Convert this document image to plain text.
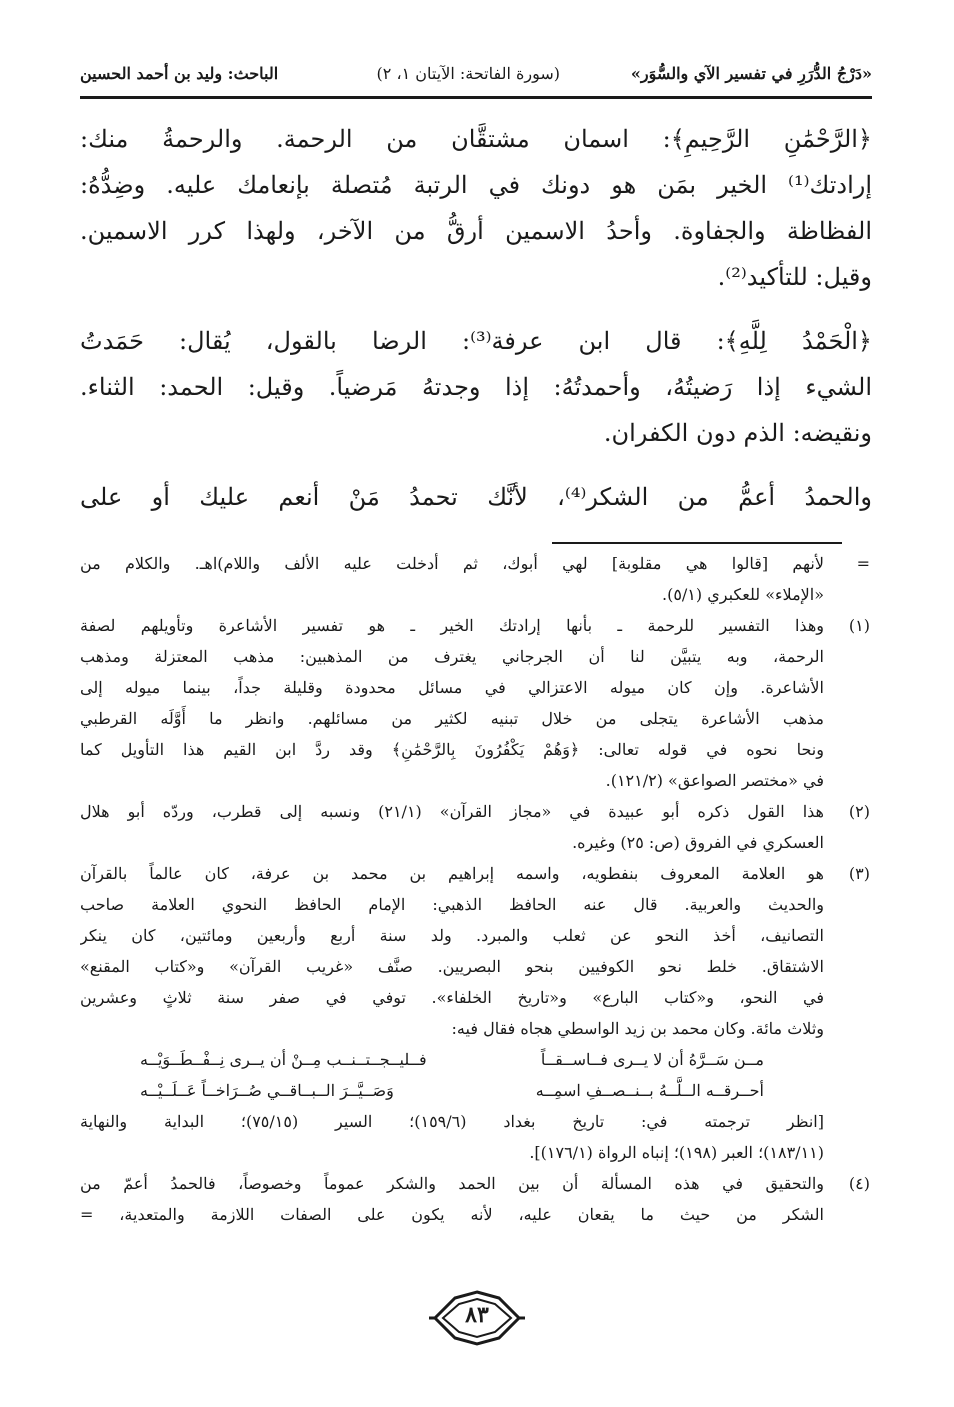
«دَرْجُ الدُّرَرِ في تفسير الآي والسُّوَر»
(سورة الفاتحة: الآيتان ١، ٢)
الباحث: وليد بن أحمد الحسين
﴿الرَّحْمَٰنِ الرَّحِيمِ﴾: اسمان مشتقَّان من الرحمة. والرحمةُ منك:
إرادتك⁽¹⁾ الخير بمَن هو دونك في الرتبة مُتصلة بإنعامك عليه. وضِدُّهُ:
الفظاظة والجفاوة. وأحدُ الاسمين أرقُّ من الآخر، ولهذا كرر الاسمين.
وقيل: للتأكيد⁽²⁾.
﴿الْحَمْدُ لِلَّهِ﴾: قال ابن عرفة⁽³⁾: الرضا بالقول، يُقال: حَمَدتُ
الشيء إذا رَضيتُهُ، وأحمدتُهُ: إذا وجدتهُ مَرضياً. وقيل: الحمد: الثناء.
ونقيضه: الذم دون الكفران.
والحمدُ أعمُّ من الشكر⁽⁴⁾، لأنَّك تحمدُ مَنْ أنعم عليك أو على
=
لأنهم [قالوا هي مقلوبة] لهي أبوك، ثم أدخلت عليه الألف واللام)اهـ. والكلام من
«الإملاء» للعكبري (٥/١).
(١)
وهذا التفسير للرحمة ـ بأنها إرادتك الخير ـ هو تفسير الأشاعرة وتأويلهم لصفة
الرحمة، وبه يتبيَّن لنا أن الجرجاني يغترف من المذهبين: مذهب المعتزلة ومذهب
الأشاعرة. وإن كان ميوله الاعتزالي في مسائل محدودة وقليلة جداً، بينما ميوله إلى
مذهب الأشاعرة يتجلى من خلال تبنيه لكثير من مسائلهم. وانظر ما أَوَّلَه القرطبي
ونحا نحوه في قوله تعالى: ﴿وَهُمْ يَكْفُرُونَ بِالرَّحْمَٰنِ﴾ وقد ردَّ ابن القيم هذا التأويل كما
في «مختصر الصواعق» (١٢١/٢).
(٢)
هذا القول ذكره أبو عبيدة في «مجاز القرآن» (٢١/١) ونسبه إلى قطرب، وردّه أبو هلال
العسكري في الفروق (ص: ٢٥) وغيره.
(٣)
هو العلامة المعروف بنفطويه، واسمه إبراهيم بن محمد بن عرفة، كان عالماً بالقرآن
والحديث والعربية. قال عنه الحافظ الذهبي: الإمام الحافظ النحوي العلامة صاحب
التصانيف، أخذ النحو عن ثعلب والمبرد. ولد سنة أربع وأربعين ومائتين، كان ينكر
الاشتقاق. خلط نحو الكوفيين بنحو البصريين. صنَّف «غريب القرآن» و«كتاب المقنع»
في النحو، و«كتاب البارع» و«تاريخ الخلفاء». توفي في صفر سنة ثلاثٍ وعشرين
وثلاث مائة. وكان محمد بن زيد الواسطي هجاه فقال فيه:
مــن سَــرَّهُ أن لا يــرى فــاســقــاً
فــليــجــتــنــب مِــنْ أن يــرى نِــفْــطَــوَيْــه
أحــرقــه الــلَّــهُ بــنــصــفِ اسمِــه
وَصَــيَّــرَ الــبــاقــي صُــرَاخــاً عَــلَــيْــه
[انظر ترجمته في: تاريخ بغداد (١٥٩/٦)؛ السير (٧٥/١٥)؛ البداية والنهاية
(١٨٣/١١)؛ العبر (١٩٨)؛ إنباه الرواة (١٧٦/١)].
(٤)
والتحقيق في هذه المسألة أن بين الحمد والشكر عموماً وخصوصاً، فالحمدُ أعمّ من
الشكر من حيث ما يقعان عليه، لأنه يكون على الصفات اللازمة والمتعدية، =
٨٣
